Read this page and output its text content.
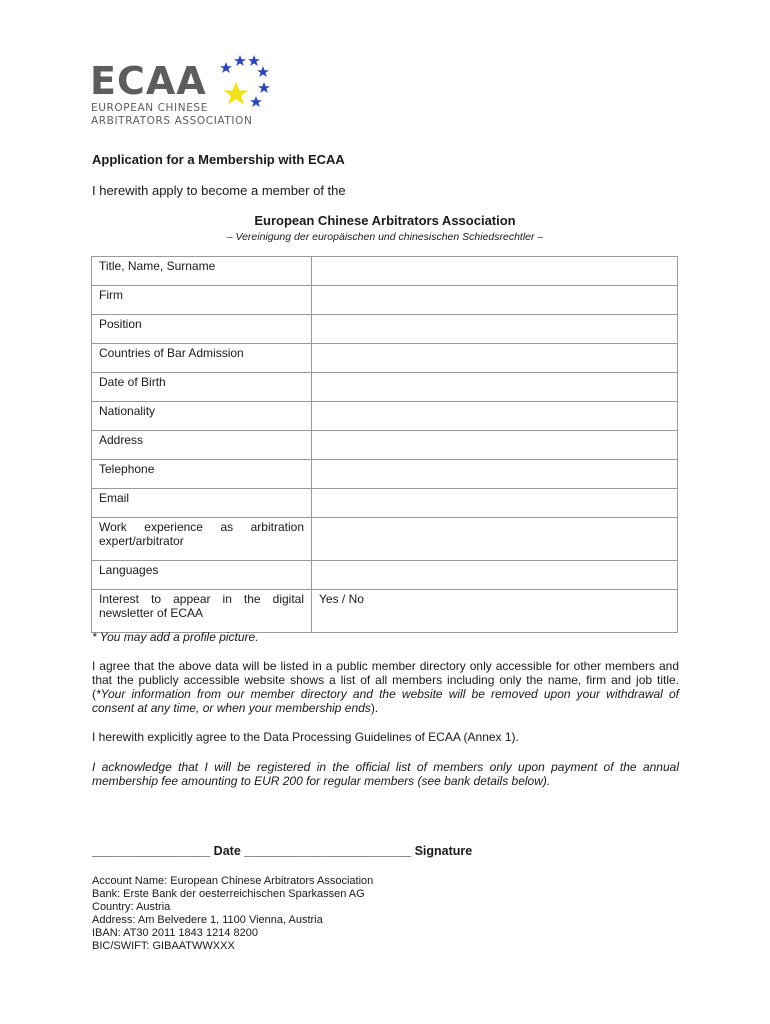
ECAA
EUROPEAN CHINESE
ARBITRATORS ASSOCIATION
Application for a Membership with ECAA
I herewith apply to become a member of the
European Chinese Arbitrators Association
– Vereinigung der europäischen und chinesischen Schiedsrechtler –
Title, Name, Surname	
Firm	
Position	
Countries of Bar Admission	
Date of Birth	
Nationality	
Address	
Telephone	
Email	
Work experience as arbitration expert/arbitrator	
Languages	
Interest to appear in the digital newsletter of ECAA	Yes / No
* You may add a profile picture.
I agree that the above data will be listed in a public member directory only accessible for other members and that the publicly accessible website shows a list of all members including only the name, firm and job title. (*Your information from our member directory and the website will be removed upon your withdrawal of consent at any time, or when your membership ends).
I herewith explicitly agree to the Data Processing Guidelines of ECAA (Annex 1).
I acknowledge that I will be registered in the official list of members only upon payment of the annual membership fee amounting to EUR 200 for regular members (see bank details below).
_________________ Date ________________________ Signature
Account Name: European Chinese Arbitrators Association
Bank: Erste Bank der oesterreichischen Sparkassen AG
Country: Austria
Address: Am Belvedere 1, 1100 Vienna, Austria
IBAN: AT30 2011 1843 1214 8200
BIC/SWIFT: GIBAATWWXXX
